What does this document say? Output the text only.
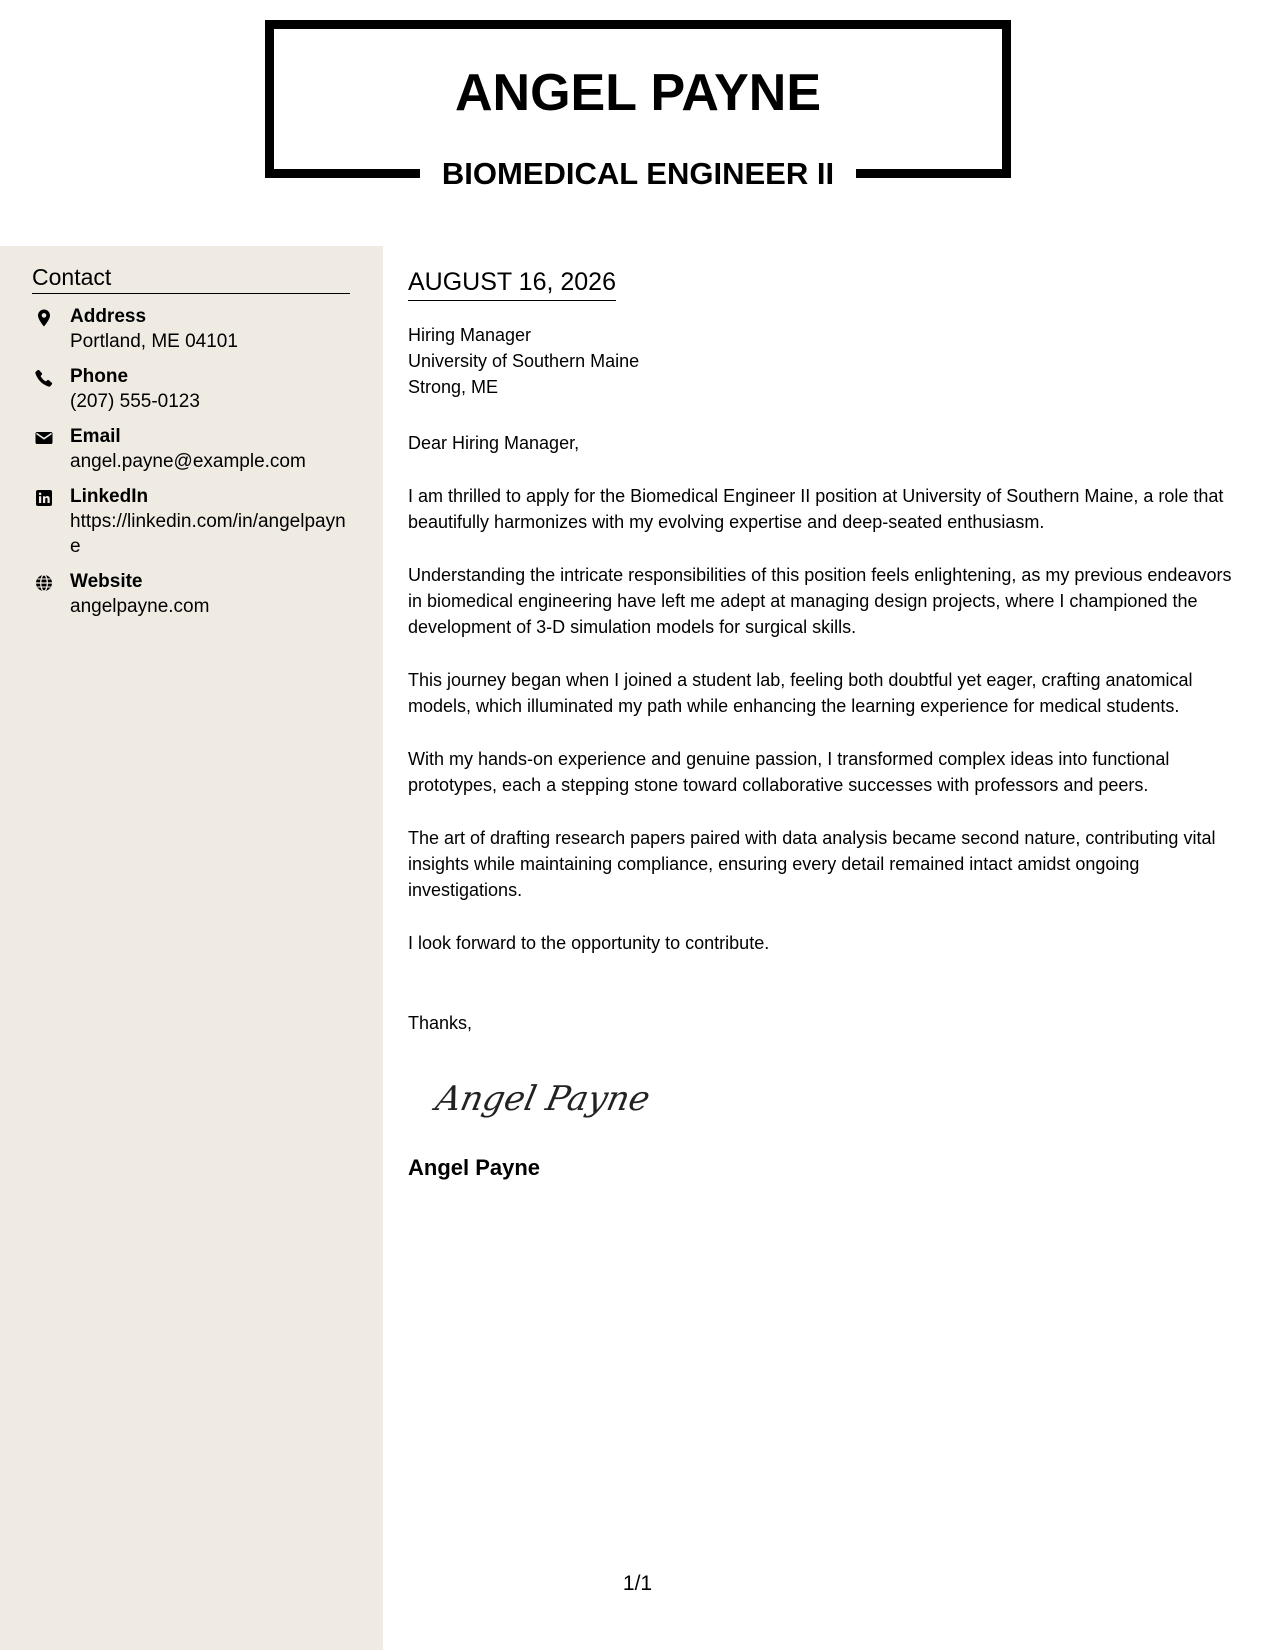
ANGEL PAYNE
BIOMEDICAL ENGINEER II
Contact
Address
Portland, ME 04101
Phone
(207) 555-0123
Email
angel.payne@example.com
LinkedIn
https://linkedin.com/in/angelpayne
Website
angelpayne.com
AUGUST 16, 2026
Hiring Manager
University of Southern Maine
Strong, ME

Dear Hiring Manager,

I am thrilled to apply for the Biomedical Engineer II position at University of Southern Maine, a role that beautifully harmonizes with my evolving expertise and deep-seated enthusiasm.

Understanding the intricate responsibilities of this position feels enlightening, as my previous endeavors in biomedical engineering have left me adept at managing design projects, where I championed the development of 3-D simulation models for surgical skills.

This journey began when I joined a student lab, feeling both doubtful yet eager, crafting anatomical models, which illuminated my path while enhancing the learning experience for medical students.

With my hands-on experience and genuine passion, I transformed complex ideas into functional prototypes, each a stepping stone toward collaborative successes with professors and peers.

The art of drafting research papers paired with data analysis became second nature, contributing vital insights while maintaining compliance, ensuring every detail remained intact amidst ongoing investigations.

I look forward to the opportunity to contribute.

Thanks,
Angel Payne
Angel Payne
1/1
